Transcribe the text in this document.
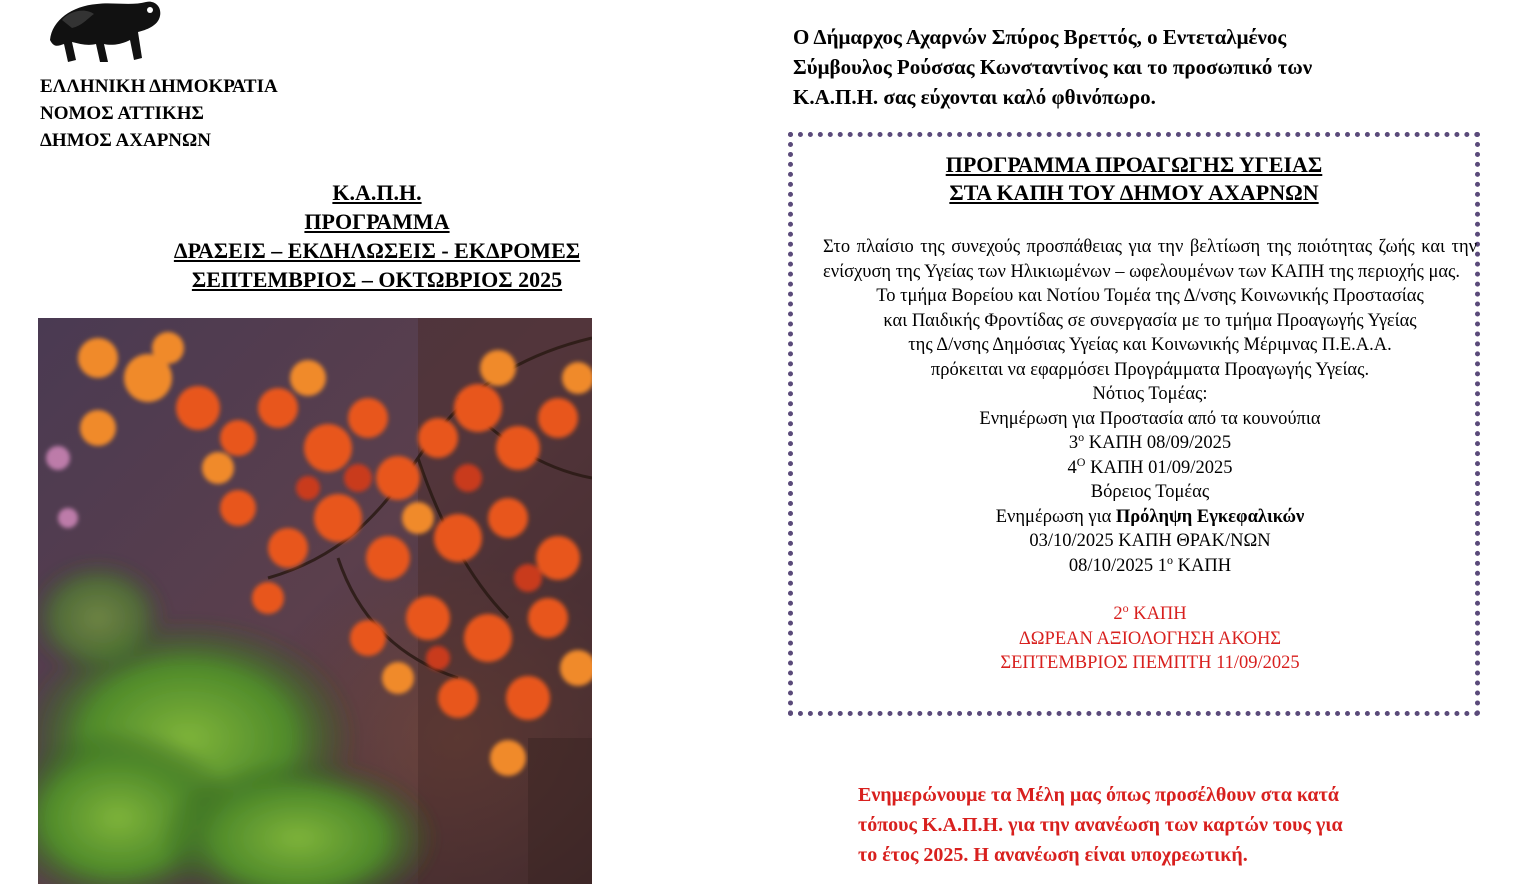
ΕΛΛΗΝΙΚΗ ΔΗΜΟΚΡΑΤΙΑ
ΝΟΜΟΣ ΑΤΤΙΚΗΣ
ΔΗΜΟΣ ΑΧΑΡΝΩΝ
Κ.Α.Π.Η.
ΠΡΟΓΡΑΜΜΑ
ΔΡΑΣΕΙΣ – ΕΚΔΗΛΩΣΕΙΣ - ΕΚΔΡΟΜΕΣ
ΣΕΠΤΕΜΒΡΙΟΣ – ΟΚΤΩΒΡΙΟΣ 2025
Ο Δήμαρχος Αχαρνών Σπύρος Βρεττός, ο Εντεταλμένος
Σύμβουλος Ρούσσας Κωνσταντίνος και το προσωπικό των
Κ.Α.Π.Η. σας εύχονται καλό φθινόπωρο.
ΠΡΟΓΡΑΜΜΑ ΠΡΟΑΓΩΓΗΣ ΥΓΕΙΑΣ
ΣΤΑ ΚΑΠΗ ΤΟΥ ΔΗΜΟΥ ΑΧΑΡΝΩΝ
Στο πλαίσιο της συνεχούς προσπάθειας για την βελτίωση της ποιότητας ζωής και την ενίσχυση της Υγείας των Ηλικιωμένων – ωφελουμένων των ΚΑΠΗ της περιοχής μας.
Το τμήμα Βορείου και Νοτίου Τομέα της Δ/νσης Κοινωνικής Προστασίας
και Παιδικής Φροντίδας σε συνεργασία με το τμήμα Προαγωγής Υγείας
της Δ/νσης Δημόσιας Υγείας και Κοινωνικής Μέριμνας Π.Ε.Α.Α.
πρόκειται να εφαρμόσει Προγράμματα Προαγωγής Υγείας.
Νότιος Τομέας:
Ενημέρωση για Προστασία από τα κουνούπια
$3^o$ ΚΑΠΗ 08/09/2025
$4^O$ ΚΑΠΗ 01/09/2025
Βόρειος Τομέας
Ενημέρωση για Πρόληψη Εγκεφαλικών
03/10/2025 ΚΑΠΗ ΘΡΑΚ/ΝΩΝ
08/10/2025 $1^o$ ΚΑΠΗ
$2^o$ ΚΑΠΗ
ΔΩΡΕΑΝ ΑΞΙΟΛΟΓΗΣΗ ΑΚΟΗΣ
ΣΕΠΤΕΜΒΡΙΟΣ ΠΕΜΠΤΗ 11/09/2025
Ενημερώνουμε τα Μέλη μας όπως προσέλθουν στα κατά
τόπους Κ.Α.Π.Η. για την ανανέωση των καρτών τους για
το έτος 2025. Η ανανέωση είναι υποχρεωτική.
